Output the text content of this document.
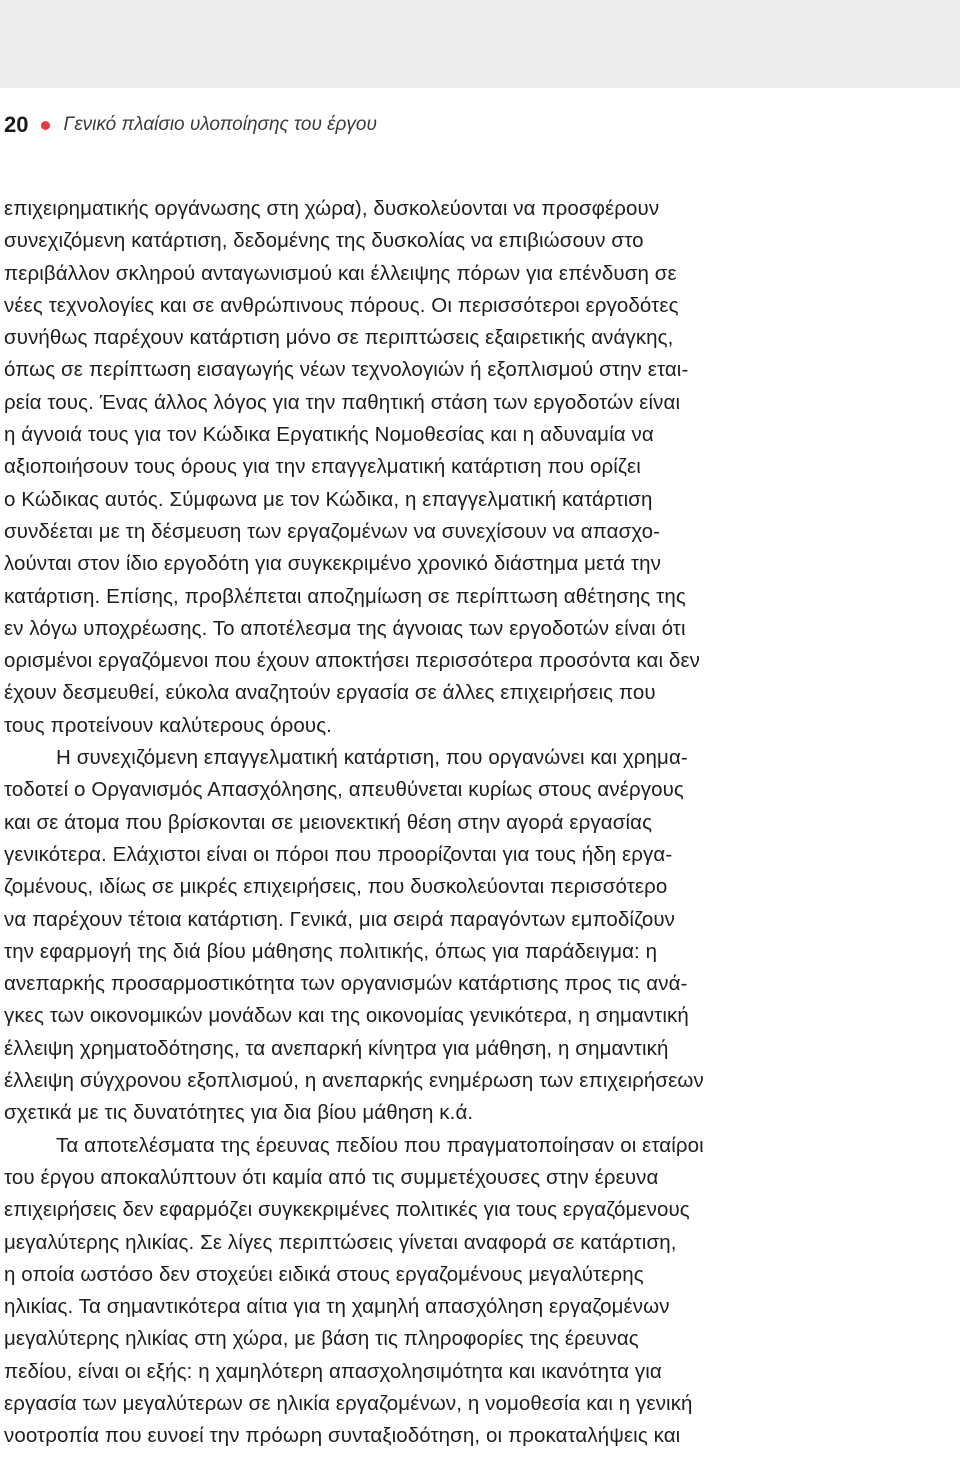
20 Γενικό πλαίσιο υλοποίησης του έργου
επιχειρηματικής οργάνωσης στη χώρα), δυσκολεύονται να προσφέρουν
συνεχιζόμενη κατάρτιση, δεδομένης της δυσκολίας να επιβιώσουν στο
περιβάλλον σκληρού ανταγωνισμού και έλλειψης πόρων για επένδυση σε
νέες τεχνολογίες και σε ανθρώπινους πόρους. Οι περισσότεροι εργοδότες
συνήθως παρέχουν κατάρτιση μόνο σε περιπτώσεις εξαιρετικής ανάγκης,
όπως σε περίπτωση εισαγωγής νέων τεχνολογιών ή εξοπλισμού στην εται-
ρεία τους. Ένας άλλος λόγος για την παθητική στάση των εργοδοτών είναι
η άγνοιά τους για τον Κώδικα Εργατικής Νομοθεσίας και η αδυναμία να
αξιοποιήσουν τους όρους για την επαγγελματική κατάρτιση που ορίζει
ο Κώδικας αυτός. Σύμφωνα με τον Κώδικα, η επαγγελματική κατάρτιση
συνδέεται με τη δέσμευση των εργαζομένων να συνεχίσουν να απασχο-
λούνται στον ίδιο εργοδότη για συγκεκριμένο χρονικό διάστημα μετά την
κατάρτιση. Επίσης, προβλέπεται αποζημίωση σε περίπτωση αθέτησης της
εν λόγω υποχρέωσης. Το αποτέλεσμα της άγνοιας των εργοδοτών είναι ότι
ορισμένοι εργαζόμενοι που έχουν αποκτήσει περισσότερα προσόντα και δεν
έχουν δεσμευθεί, εύκολα αναζητούν εργασία σε άλλες επιχειρήσεις που
τους προτείνουν καλύτερους όρους.
Η συνεχιζόμενη επαγγελματική κατάρτιση, που οργανώνει και χρημα-
τοδοτεί ο Οργανισμός Απασχόλησης, απευθύνεται κυρίως στους ανέργους
και σε άτομα που βρίσκονται σε μειονεκτική θέση στην αγορά εργασίας
γενικότερα. Ελάχιστοι είναι οι πόροι που προορίζονται για τους ήδη εργα-
ζομένους, ιδίως σε μικρές επιχειρήσεις, που δυσκολεύονται περισσότερο
να παρέχουν τέτοια κατάρτιση. Γενικά, μια σειρά παραγόντων εμποδίζουν
την εφαρμογή της διά βίου μάθησης πολιτικής, όπως για παράδειγμα: η
ανεπαρκής προσαρμοστικότητα των οργανισμών κατάρτισης προς τις ανά-
γκες των οικονομικών μονάδων και της οικονομίας γενικότερα, η σημαντική
έλλειψη χρηματοδότησης, τα ανεπαρκή κίνητρα για μάθηση, η σημαντική
έλλειψη σύγχρονου εξοπλισμού, η ανεπαρκής ενημέρωση των επιχειρήσεων
σχετικά με τις δυνατότητες για δια βίου μάθηση κ.ά.
Τα αποτελέσματα της έρευνας πεδίου που πραγματοποίησαν οι εταίροι
του έργου αποκαλύπτουν ότι καμία από τις συμμετέχουσες στην έρευνα
επιχειρήσεις δεν εφαρμόζει συγκεκριμένες πολιτικές για τους εργαζόμενους
μεγαλύτερης ηλικίας. Σε λίγες περιπτώσεις γίνεται αναφορά σε κατάρτιση,
η οποία ωστόσο δεν στοχεύει ειδικά στους εργαζομένους μεγαλύτερης
ηλικίας. Τα σημαντικότερα αίτια για τη χαμηλή απασχόληση εργαζομένων
μεγαλύτερης ηλικίας στη χώρα, με βάση τις πληροφορίες της έρευνας
πεδίου, είναι οι εξής: η χαμηλότερη απασχολησιμότητα και ικανότητα για
εργασία των μεγαλύτερων σε ηλικία εργαζομένων, η νομοθεσία και η γενική
νοοτροπία που ευνοεί την πρόωρη συνταξιοδότηση, οι προκαταλήψεις και
